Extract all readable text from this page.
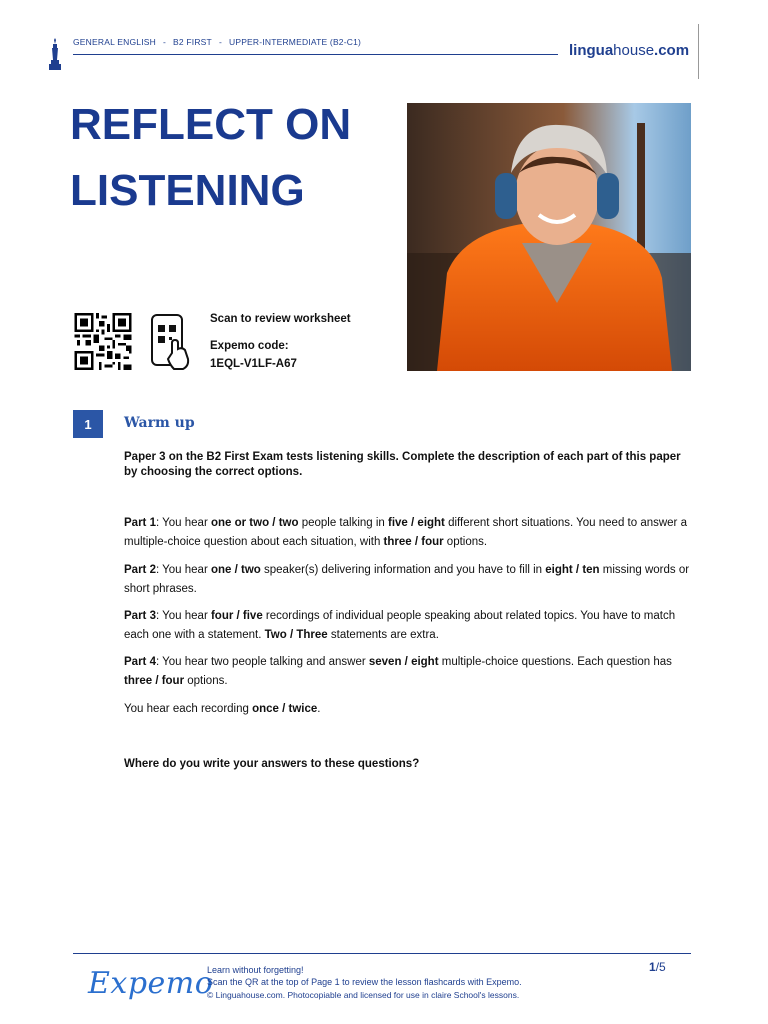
GENERAL ENGLISH - B2 FIRST - UPPER-INTERMEDIATE (B2-C1)	linguahouse.com
REFLECT ON
LISTENING
Scan to review worksheet
Expemo code:
1EQL-V1LF-A67
1	Warm up
Paper 3 on the B2 First Exam tests listening skills. Complete the description of each part of this paper by choosing the correct options.
Part 1: You hear one or two / two people talking in five / eight different short situations. You need to answer a multiple-choice question about each situation, with three / four options.
Part 2: You hear one / two speaker(s) delivering information and you have to fill in eight / ten missing words or short phrases.
Part 3: You hear four / five recordings of individual people speaking about related topics. You have to match each one with a statement. Two / Three statements are extra.
Part 4: You hear two people talking and answer seven / eight multiple-choice questions. Each question has three / four options.
You hear each recording once / twice.
Where do you write your answers to these questions?
Expemo
Learn without forgetting!
Scan the QR at the top of Page 1 to review the lesson flashcards with Expemo.
© Linguahouse.com. Photocopiable and licensed for use in claire School's lessons.
1/5
